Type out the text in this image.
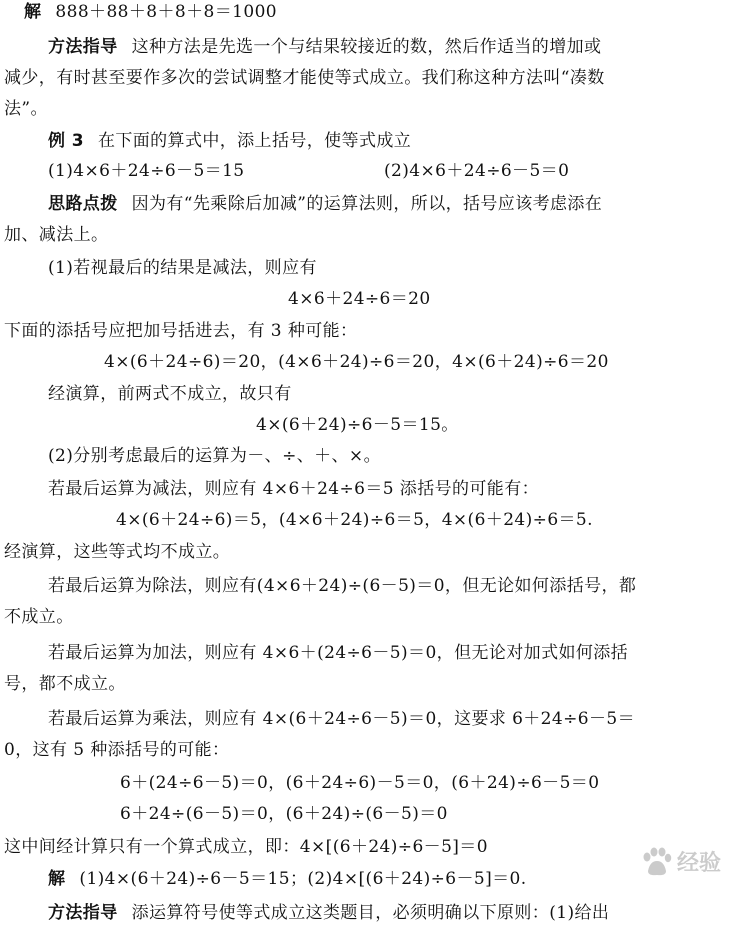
解 888＋88＋8＋8＋8＝1000
方法指导 这种方法是先选一个与结果较接近的数，然后作适当的增加或
减少，有时甚至要作多次的尝试调整才能使等式成立。我们称这种方法叫“凑数
法”。
例 3 在下面的算式中，添上括号，使等式成立
(1)4×6＋24÷6－5＝15	(2)4×6＋24÷6－5＝0
思路点拨 因为有“先乘除后加减”的运算法则，所以，括号应该考虑添在
加、减法上。
(1)若视最后的结果是减法，则应有
4×6＋24÷6＝20
下面的添括号应把加号括进去，有 3 种可能：
4×(6＋24÷6)＝20，(4×6＋24)÷6＝20，4×(6＋24)÷6＝20
经演算，前两式不成立，故只有
4×(6＋24)÷6－5＝15。
(2)分别考虑最后的运算为－、÷、＋、×。
若最后运算为减法，则应有 4×6＋24÷6＝5 添括号的可能有：
4×(6＋24÷6)＝5，(4×6＋24)÷6＝5，4×(6＋24)÷6＝5.
经演算，这些等式均不成立。
若最后运算为除法，则应有(4×6＋24)÷(6－5)＝0，但无论如何添括号，都
不成立。
若最后运算为加法，则应有 4×6＋(24÷6－5)＝0，但无论对加式如何添括
号，都不成立。
若最后运算为乘法，则应有 4×(6＋24÷6－5)＝0，这要求 6＋24÷6－5＝
0，这有 5 种添括号的可能：
6＋(24÷6－5)＝0，(6＋24÷6)－5＝0，(6＋24)÷6－5＝0
6＋24÷(6－5)＝0，(6＋24)÷(6－5)＝0
这中间经计算只有一个算式成立，即：4×[(6＋24)÷6－5]＝0
解 (1)4×(6＋24)÷6－5＝15；(2)4×[(6＋24)÷6－5]＝0.
方法指导 添运算符号使等式成立这类题目，必须明确以下原则：(1)给出
经验
